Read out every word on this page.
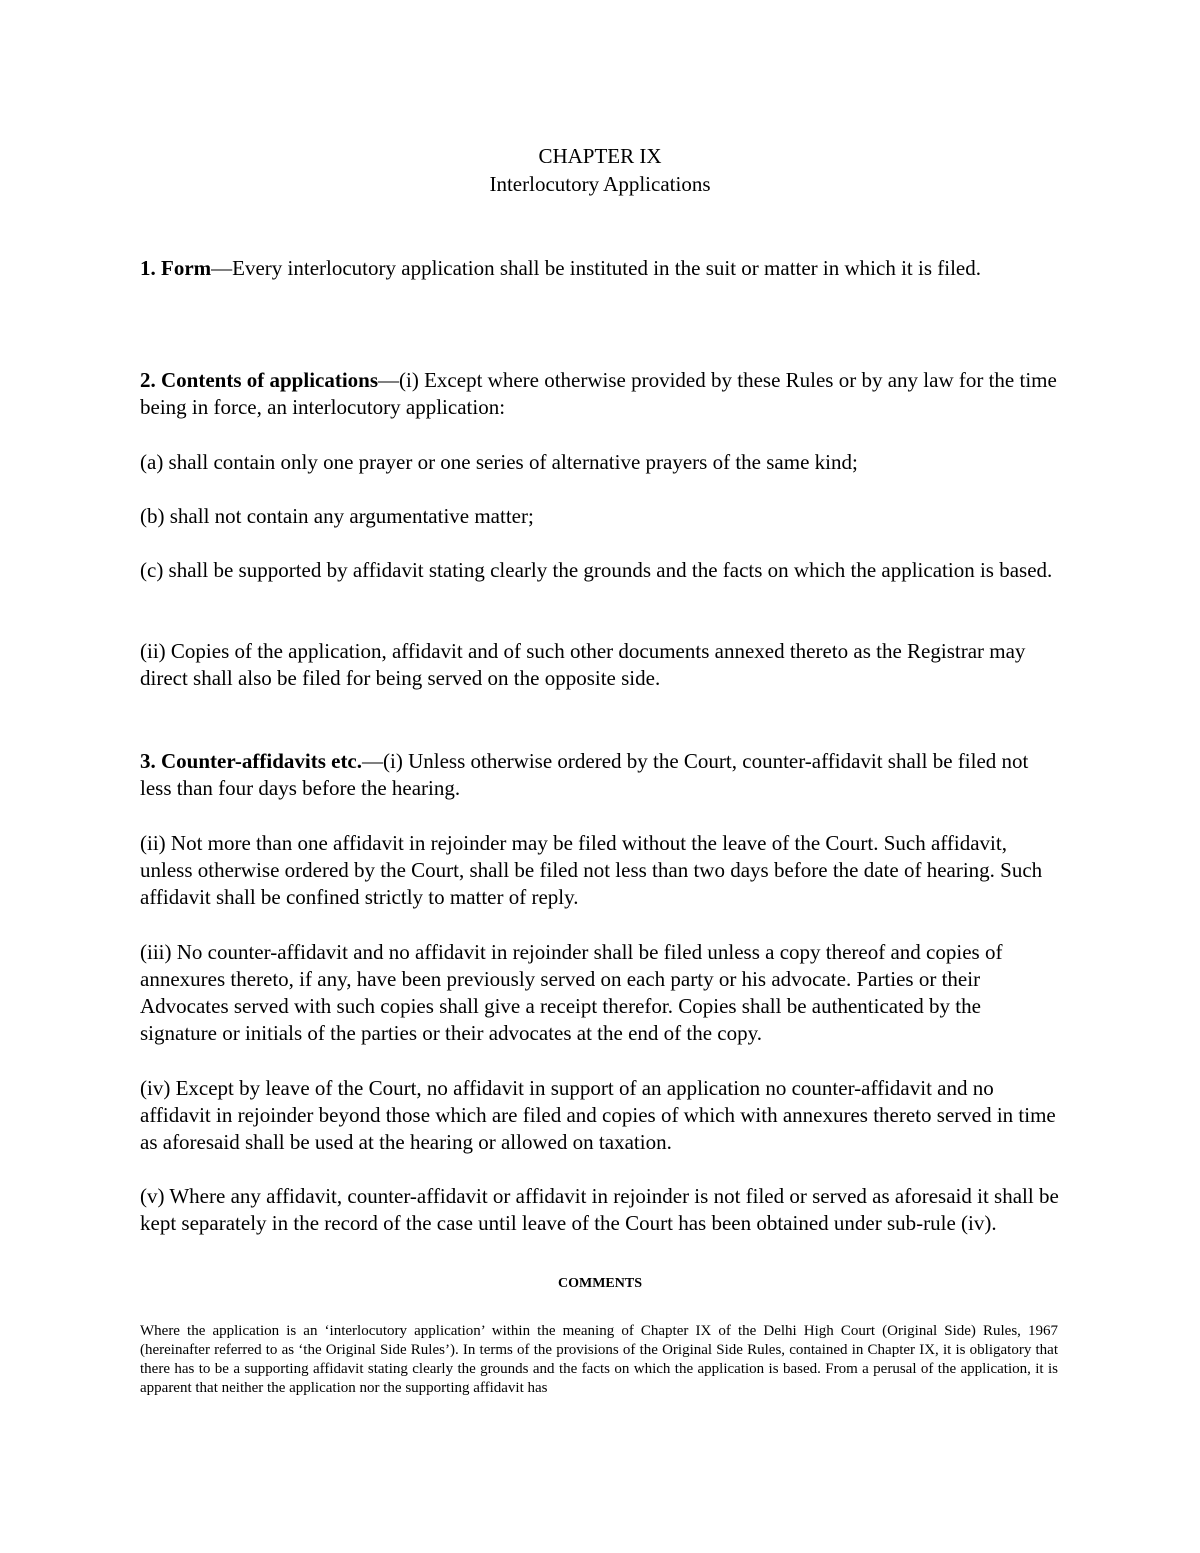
CHAPTER IX
Interlocutory Applications

1. Form—Every interlocutory application shall be instituted in the suit or matter in which it is filed.

2. Contents of applications—(i) Except where otherwise provided by these Rules or by any law for the time being in force, an interlocutory application:

(a) shall contain only one prayer or one series of alternative prayers of the same kind;

(b) shall not contain any argumentative matter;

(c) shall be supported by affidavit stating clearly the grounds and the facts on which the application is based.

(ii) Copies of the application, affidavit and of such other documents annexed thereto as the Registrar may direct shall also be filed for being served on the opposite side.

3. Counter-affidavits etc.—(i) Unless otherwise ordered by the Court, counter-affidavit shall be filed not less than four days before the hearing.

(ii) Not more than one affidavit in rejoinder may be filed without the leave of the Court. Such affidavit, unless otherwise ordered by the Court, shall be filed not less than two days before the date of hearing. Such affidavit shall be confined strictly to matter of reply.

(iii) No counter-affidavit and no affidavit in rejoinder shall be filed unless a copy thereof and copies of annexures thereto, if any, have been previously served on each party or his advocate. Parties or their Advocates served with such copies shall give a receipt therefor. Copies shall be authenticated by the signature or initials of the parties or their advocates at the end of the copy.

(iv) Except by leave of the Court, no affidavit in support of an application no counter-affidavit and no affidavit in rejoinder beyond those which are filed and copies of which with annexures thereto served in time as aforesaid shall be used at the hearing or allowed on taxation.

(v) Where any affidavit, counter-affidavit or affidavit in rejoinder is not filed or served as aforesaid it shall be kept separately in the record of the case until leave of the Court has been obtained under sub-rule (iv).

COMMENTS

Where the application is an ‘interlocutory application’ within the meaning of Chapter IX of the Delhi High Court (Original Side) Rules, 1967 (hereinafter referred to as ‘the Original Side Rules’). In terms of the provisions of the Original Side Rules, contained in Chapter IX, it is obligatory that there has to be a supporting affidavit stating clearly the grounds and the facts on which the application is based. From a perusal of the application, it is apparent that neither the application nor the supporting affidavit has
